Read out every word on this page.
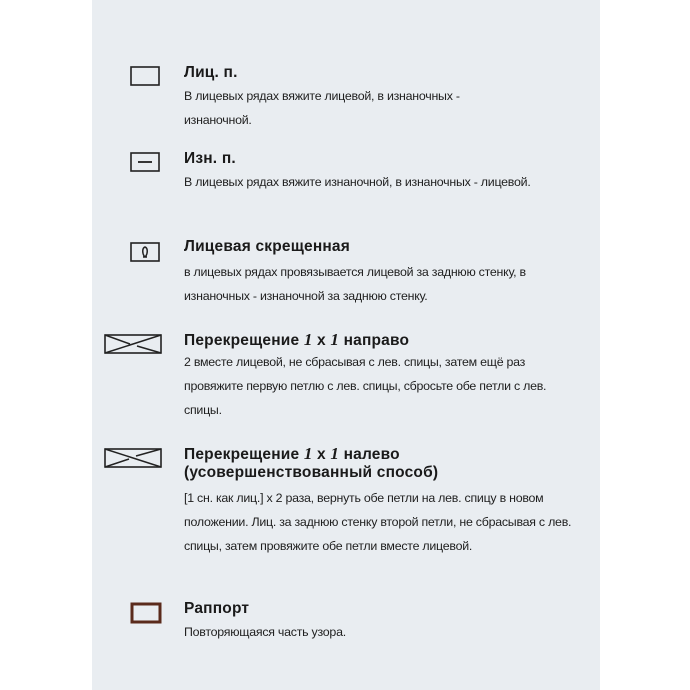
Лиц. п.
В лицевых рядах вяжите лицевой, в изнаночных - изнаночной.
Изн. п.
В лицевых рядах вяжите изнаночной, в изнаночных - лицевой.
Лицевая скрещенная
в лицевых рядах провязывается лицевой за заднюю стенку, в изнаночных - изнаночной за заднюю стенку.
Перекрещение 1 x 1 направо
2 вместе лицевой, не сбрасывая с лев. спицы, затем ещё раз провяжите первую петлю с лев. спицы, сбросьте обе петли с лев. спицы.
Перекрещение 1 x 1 налево
(усовершенствованный способ)
[1 сн. как лиц.] x 2 раза, вернуть обе петли на лев. спицу в новом положении. Лиц. за заднюю стенку второй петли, не сбрасывая с лев. спицы, затем провяжите обе петли вместе лицевой.
Раппорт
Повторяющаяся часть узора.
